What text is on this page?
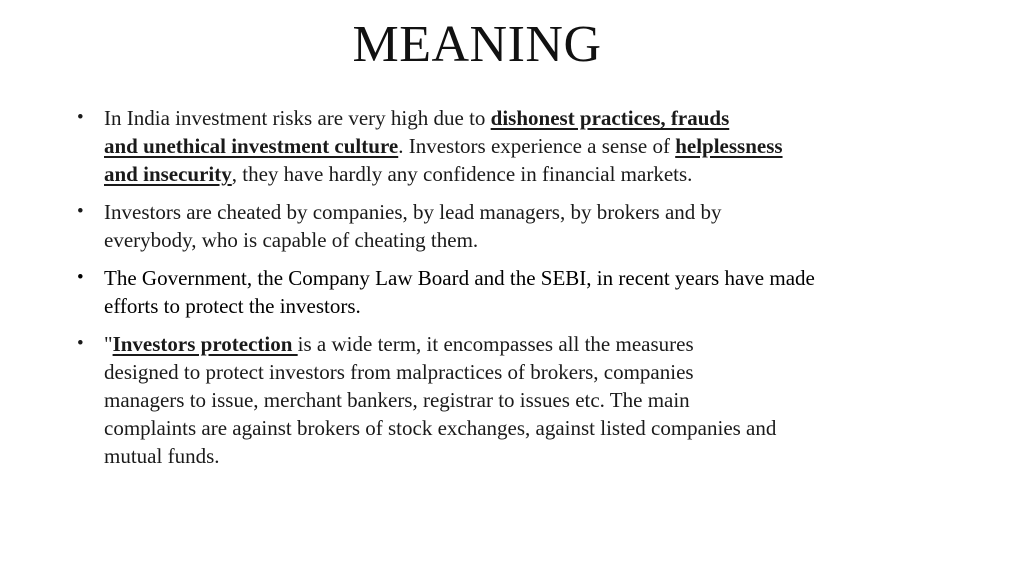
MEANING
• In India investment risks are very high due to dishonest practices, frauds
and unethical investment culture. Investors experience a sense of helplessness
and insecurity, they have hardly any confidence in financial markets.
• Investors are cheated by companies, by lead managers, by brokers and by
everybody, who is capable of cheating them.
• The Government, the Company Law Board and the SEBI, in recent years have made
efforts to protect the investors.
• "Investors protection is a wide term, it encompasses all the measures
designed to protect investors from malpractices of brokers, companies
managers to issue, merchant bankers, registrar to issues etc. The main
complaints are against brokers of stock exchanges, against listed companies and
mutual funds.
